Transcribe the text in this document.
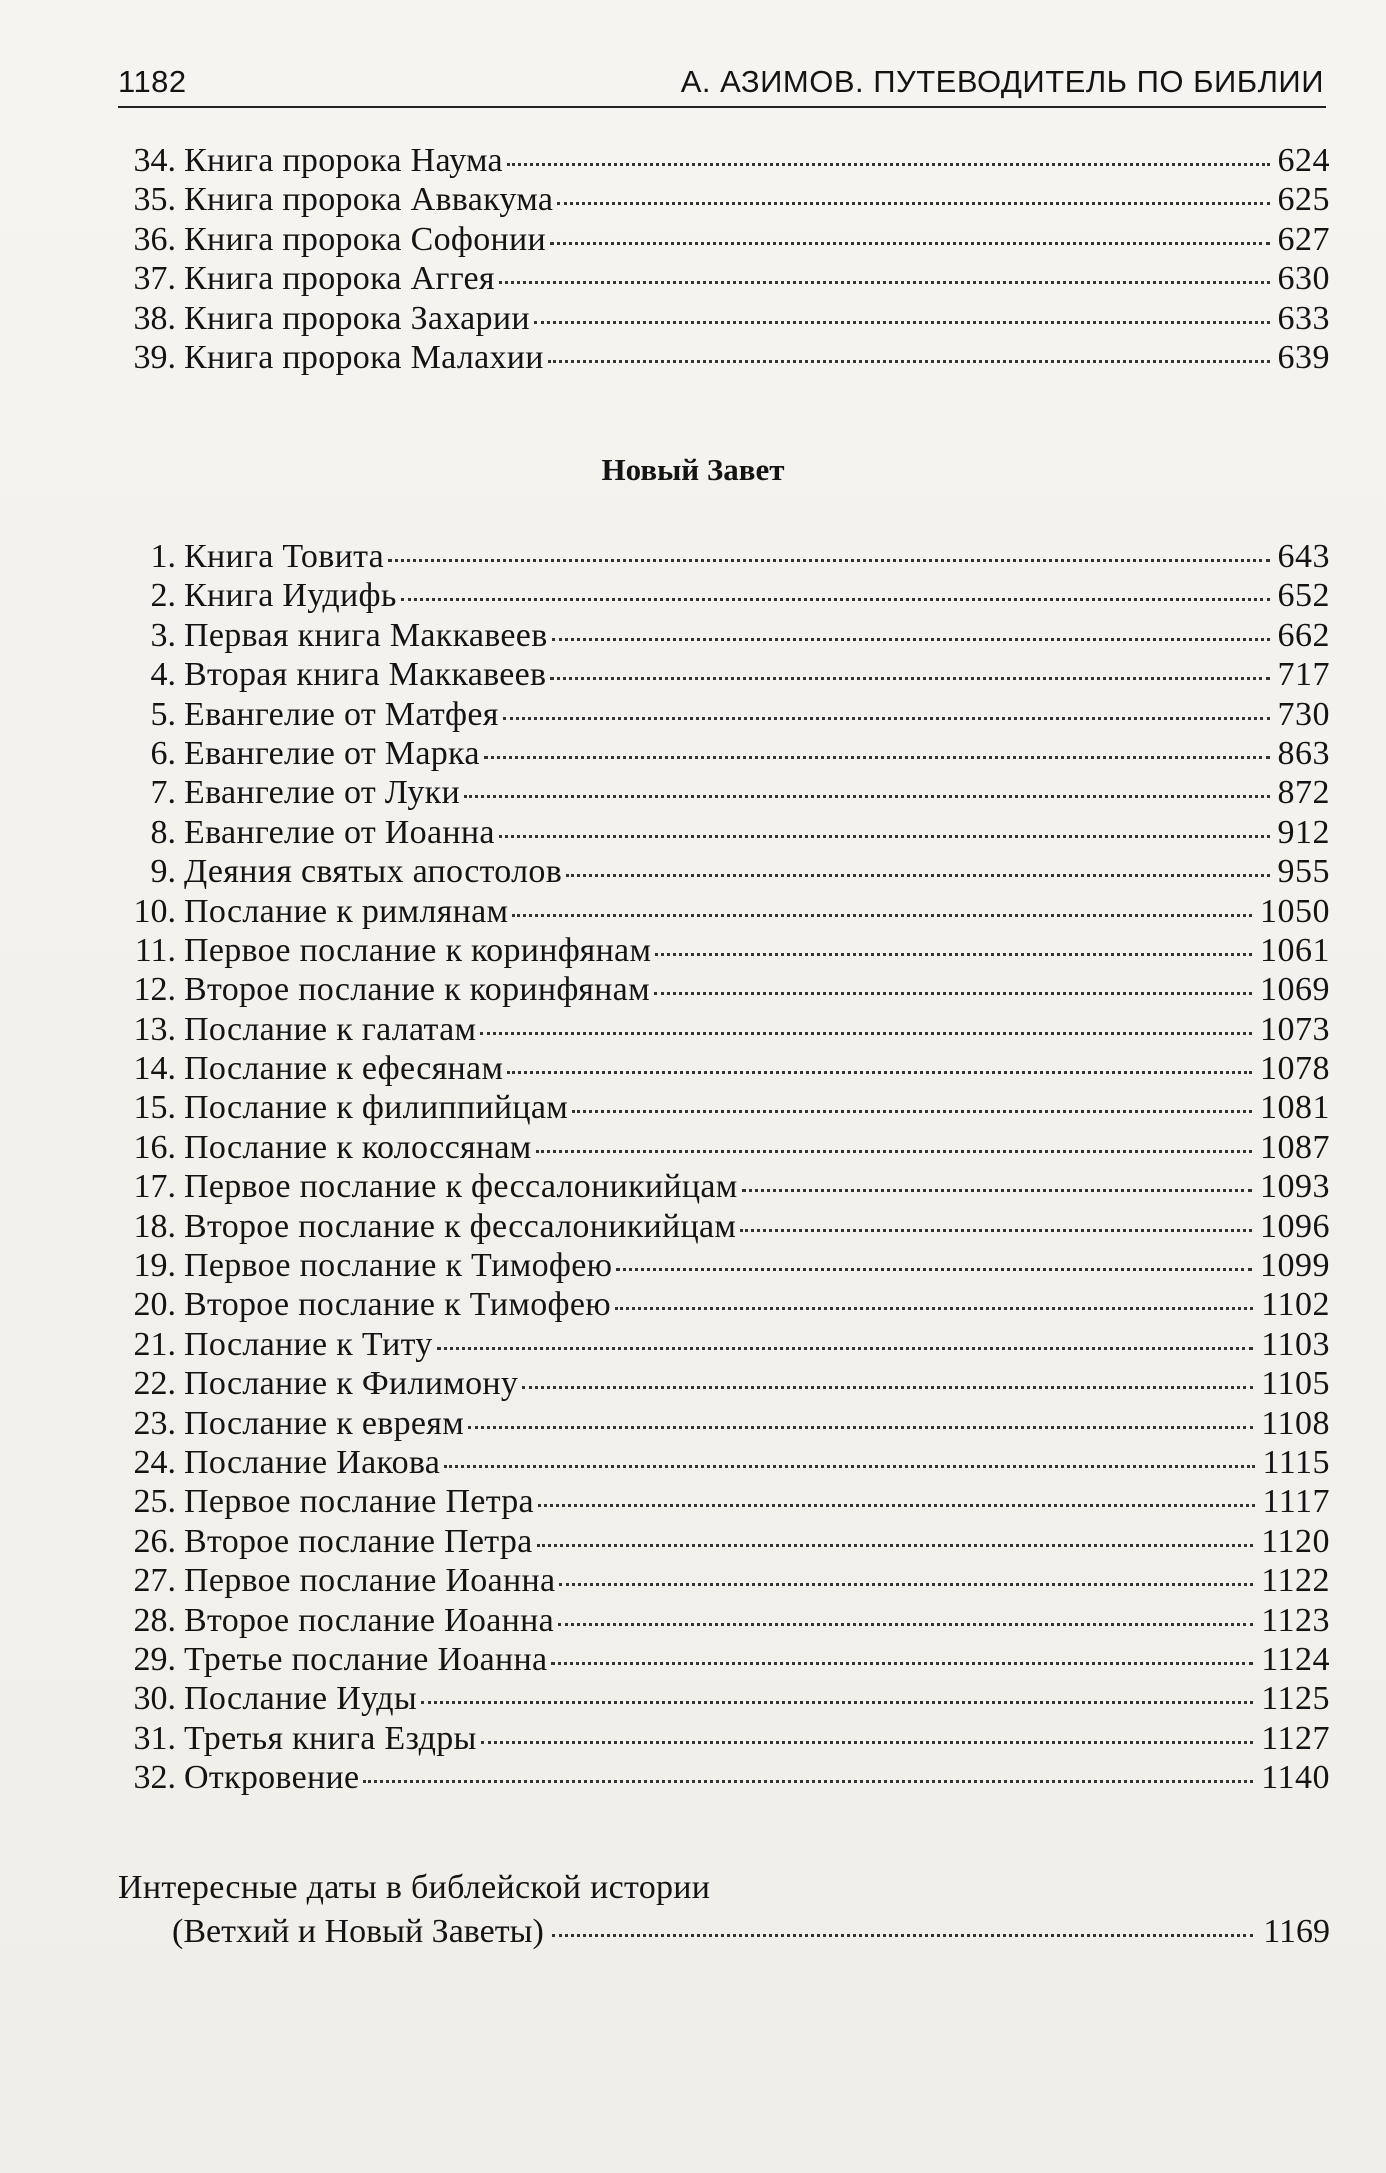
1182	А. АЗИМОВ. ПУТЕВОДИТЕЛЬ ПО БИБЛИИ
34. Книга пророка Наума	624
35. Книга пророка Аввакума	625
36. Книга пророка Софонии	627
37. Книга пророка Аггея	630
38. Книга пророка Захарии	633
39. Книга пророка Малахии	639
Новый Завет
1. Книга Товита	643
2. Книга Иудифь	652
3. Первая книга Маккавеев	662
4. Вторая книга Маккавеев	717
5. Евангелие от Матфея	730
6. Евангелие от Марка	863
7. Евангелие от Луки	872
8. Евангелие от Иоанна	912
9. Деяния святых апостолов	955
10. Послание к римлянам	1050
11. Первое послание к коринфянам	1061
12. Второе послание к коринфянам	1069
13. Послание к галатам	1073
14. Послание к ефесянам	1078
15. Послание к филиппийцам	1081
16. Послание к колоссянам	1087
17. Первое послание к фессалоникийцам	1093
18. Второе послание к фессалоникийцам	1096
19. Первое послание к Тимофею	1099
20. Второе послание к Тимофею	1102
21. Послание к Титу	1103
22. Послание к Филимону	1105
23. Послание к евреям	1108
24. Послание Иакова	1115
25. Первое послание Петра	1117
26. Второе послание Петра	1120
27. Первое послание Иоанна	1122
28. Второе послание Иоанна	1123
29. Третье послание Иоанна	1124
30. Послание Иуды	1125
31. Третья книга Ездры	1127
32. Откровение	1140
Интересные даты в библейской истории
(Ветхий и Новый Заветы)	1169
